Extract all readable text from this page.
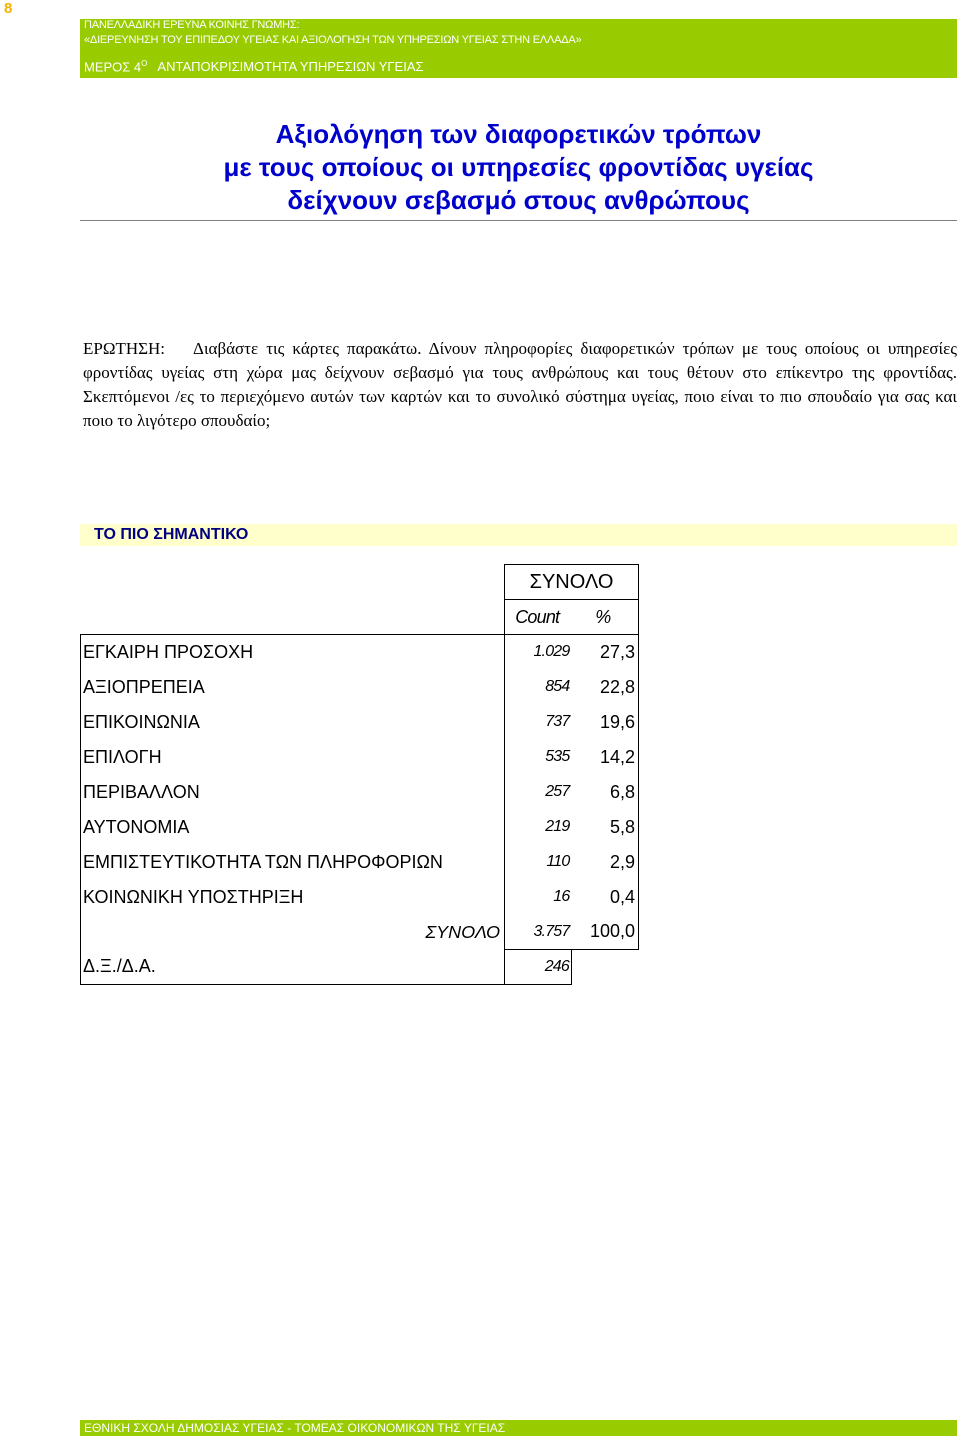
8
ΠΑΝΕΛΛΑΔΙΚΗ ΕΡΕΥΝΑ ΚΟΙΝΗΣ ΓΝΩΜΗΣ:
«ΔΙΕΡΕΥΝΗΣΗ ΤΟΥ ΕΠΙΠΕΔΟΥ ΥΓΕΙΑΣ ΚΑΙ ΑΞΙΟΛΟΓΗΣΗ ΤΩΝ ΥΠΗΡΕΣΙΩΝ ΥΓΕΙΑΣ ΣΤΗΝ ΕΛΛΑΔΑ»
ΜΕΡΟΣ $4^O$ ΑΝΤΑΠΟΚΡΙΣΙΜΟΤΗΤΑ ΥΠΗΡΕΣΙΩΝ ΥΓΕΙΑΣ
Αξιολόγηση των διαφορετικών τρόπων
με τους οποίους οι υπηρεσίες φροντίδας υγείας
δείχνουν σεβασμό στους ανθρώπους
ΕΡΩΤΗΣΗ: Διαβάστε τις κάρτες παρακάτω. Δίνουν πληροφορίες διαφορετικών τρόπων με τους οποίους οι υπηρεσίες φροντίδας υγείας στη χώρα μας δείχνουν σεβασμό για τους ανθρώπους και τους θέτουν στο επίκεντρο της φροντίδας. Σκεπτόμενοι /ες το περιεχόμενο αυτών των καρτών και το συνολικό σύστημα υγείας, ποιο είναι το πιο σπουδαίο για σας και ποιο το λιγότερο σπουδαίο;
ΤΟ ΠΙΟ ΣΗΜΑΝΤΙΚΟ
	ΣΥΝΟΛΟ	
	Count	%
ΕΓΚΑΙΡΗ ΠΡΟΣΟΧΗ	1.029	27,3
ΑΞΙΟΠΡΕΠΕΙΑ	854	22,8
ΕΠΙΚΟΙΝΩΝΙΑ	737	19,6
ΕΠΙΛΟΓΗ	535	14,2
ΠΕΡΙΒΑΛΛΟΝ	257	6,8
ΑΥΤΟΝΟΜΙΑ	219	5,8
ΕΜΠΙΣΤΕΥΤΙΚΟΤΗΤΑ ΤΩΝ ΠΛΗΡΟΦΟΡΙΩΝ	110	2,9
ΚΟΙΝΩΝΙΚΗ ΥΠΟΣΤΗΡΙΞΗ	16	0,4
ΣΥΝΟΛΟ	3.757	100,0
Δ.Ξ./Δ.Α.	246	
ΕΘΝΙΚΗ ΣΧΟΛΗ ΔΗΜΟΣΙΑΣ ΥΓΕΙΑΣ - ΤΟΜΕΑΣ ΟΙΚΟΝΟΜΙΚΩΝ ΤΗΣ ΥΓΕΙΑΣ
